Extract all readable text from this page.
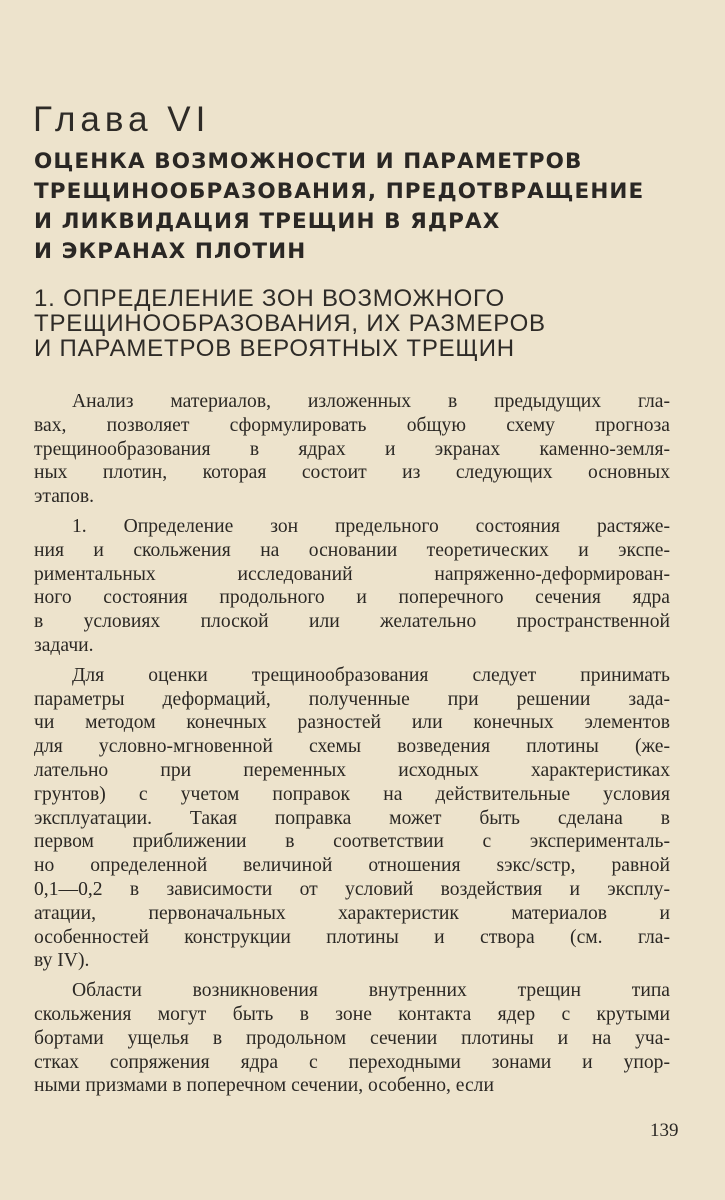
Глава VI
ОЦЕНКА ВОЗМОЖНОСТИ И ПАРАМЕТРОВ
ТРЕЩИНООБРАЗОВАНИЯ, ПРЕДОТВРАЩЕНИЕ
И ЛИКВИДАЦИЯ ТРЕЩИН В ЯДРАХ
И ЭКРАНАХ ПЛОТИН
1. ОПРЕДЕЛЕНИЕ ЗОН ВОЗМОЖНОГО
ТРЕЩИНООБРАЗОВАНИЯ, ИХ РАЗМЕРОВ
И ПАРАМЕТРОВ ВЕРОЯТНЫХ ТРЕЩИН

Анализ материалов, изложенных в предыдущих гла-
вах, позволяет сформулировать общую схему прогноза
трещинообразования в ядрах и экранах каменно-земля-
ных плотин, которая состоит из следующих основных
этапов.

1. Определение зон предельного состояния растяже-
ния и скольжения на основании теоретических и экспе-
риментальных исследований напряженно-деформирован-
ного состояния продольного и поперечного сечения ядра
в условиях плоской или желательно пространственной
задачи.

Для оценки трещинообразования следует принимать
параметры деформаций, полученные при решении зада-
чи методом конечных разностей или конечных элементов
для условно-мгновенной схемы возведения плотины (же-
лательно при переменных исходных характеристиках
грунтов) с учетом поправок на действительные условия
эксплуатации. Такая поправка может быть сделана в
первом приближении в соответствии с эксперименталь-
но определенной величиной отношения sэкс/sстр, равной
0,1—0,2 в зависимости от условий воздействия и эксплу-
атации, первоначальных характеристик материалов и
особенностей конструкции плотины и створа (см. гла-
ву IV).

Области возникновения внутренних трещин типа
скольжения могут быть в зоне контакта ядер с крутыми
бортами ущелья в продольном сечении плотины и на уча-
стках сопряжения ядра с переходными зонами и упор-
ными призмами в поперечном сечении, особенно, если

139
